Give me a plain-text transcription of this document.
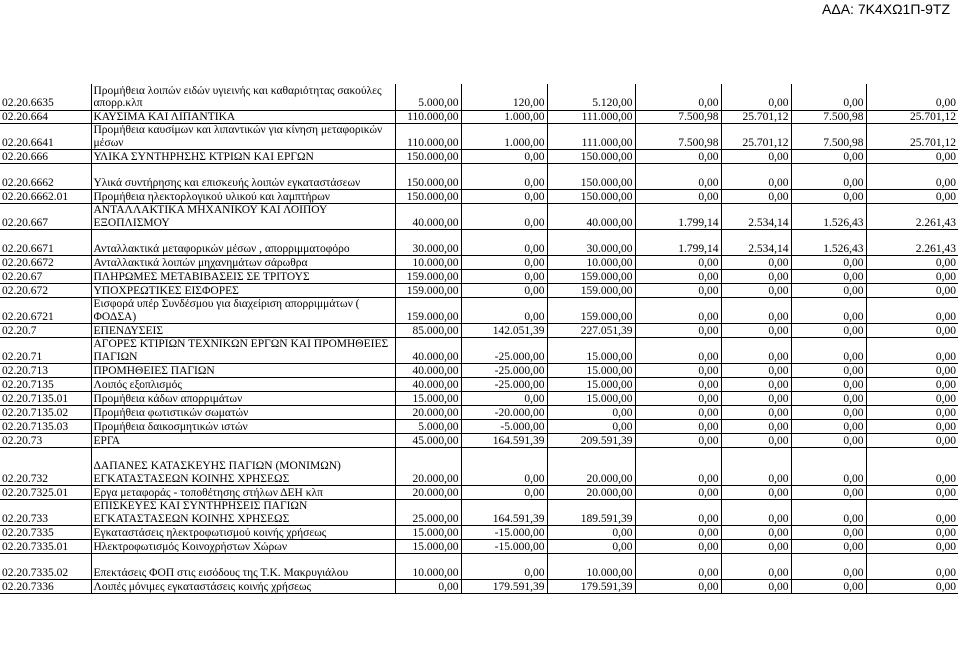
ΑΔΑ: 7Κ4ΧΩ1Π-9ΤΖ
02.20.6635	Προμήθεια λοιπών ειδών υγιεινής και καθαριότητας σακούλες απορρ.κλπ	5.000,00	120,00	5.120,00	0,00	0,00	0,00	0,00
02.20.664	ΚΑΥΣΙΜΑ ΚΑΙ ΛΙΠΑΝΤΙΚΑ	110.000,00	1.000,00	111.000,00	7.500,98	25.701,12	7.500,98	25.701,12
02.20.6641	Προμήθεια καυσίμων και λιπαντικών για κίνηση μεταφορικών μέσων	110.000,00	1.000,00	111.000,00	7.500,98	25.701,12	7.500,98	25.701,12
02.20.666	ΥΛΙΚΑ ΣΥΝΤΗΡΗΣΗΣ ΚΤΡΙΩΝ ΚΑΙ ΕΡΓΩΝ	150.000,00	0,00	150.000,00	0,00	0,00	0,00	0,00
02.20.6662	Υλικά συντήρησης και επισκευής λοιπών εγκαταστάσεων	150.000,00	0,00	150.000,00	0,00	0,00	0,00	0,00
02.20.6662.01	Προμήθεια ηλεκτορλογικού υλικού και λαμπτήρων	150.000,00	0,00	150.000,00	0,00	0,00	0,00	0,00
02.20.667	ΑΝΤΑΛΛΑΚΤΙΚΑ ΜΗΧΑΝΙΚΟΥ ΚΑΙ ΛΟΙΠΟΥ ΕΞΟΠΛΙΣΜΟΥ	40.000,00	0,00	40.000,00	1.799,14	2.534,14	1.526,43	2.261,43
02.20.6671	Ανταλλακτικά μεταφορικών μέσων , απορριμματοφόρο	30.000,00	0,00	30.000,00	1.799,14	2.534,14	1.526,43	2.261,43
02.20.6672	Ανταλλακτικά λοιπών μηχανημάτων σάρωθρα	10.000,00	0,00	10.000,00	0,00	0,00	0,00	0,00
02.20.67	ΠΛΗΡΩΜΕΣ ΜΕΤΑΒΙΒΑΣΕΙΣ ΣΕ ΤΡΙΤΟΥΣ	159.000,00	0,00	159.000,00	0,00	0,00	0,00	0,00
02.20.672	ΥΠΟΧΡΕΩΤΙΚΕΣ ΕΙΣΦΟΡΕΣ	159.000,00	0,00	159.000,00	0,00	0,00	0,00	0,00
02.20.6721	Εισφορά υπέρ Συνδέσμου για διαχείριση απορριμμάτων ( ΦΟΔΣΑ)	159.000,00	0,00	159.000,00	0,00	0,00	0,00	0,00
02.20.7	ΕΠΕΝΔΥΣΕΙΣ	85.000,00	142.051,39	227.051,39	0,00	0,00	0,00	0,00
02.20.71	ΑΓΟΡΕΣ ΚΤΙΡΙΩΝ ΤΕΧΝΙΚΩΝ ΕΡΓΩΝ ΚΑΙ ΠΡΟΜΗΘΕΙΕΣ ΠΑΓΙΩΝ	40.000,00	-25.000,00	15.000,00	0,00	0,00	0,00	0,00
02.20.713	ΠΡΟΜΗΘΕΙΕΣ ΠΑΓΙΩΝ	40.000,00	-25.000,00	15.000,00	0,00	0,00	0,00	0,00
02.20.7135	Λοιπός εξοπλισμός	40.000,00	-25.000,00	15.000,00	0,00	0,00	0,00	0,00
02.20.7135.01	Προμήθεια κάδων απορριμάτων	15.000,00	0,00	15.000,00	0,00	0,00	0,00	0,00
02.20.7135.02	Προμήθεια φωτιστικών σωματών	20.000,00	-20.000,00	0,00	0,00	0,00	0,00	0,00
02.20.7135.03	Προμήθεια δαικοσμητικών ιστών	5.000,00	-5.000,00	0,00	0,00	0,00	0,00	0,00
02.20.73	ΕΡΓΑ	45.000,00	164.591,39	209.591,39	0,00	0,00	0,00	0,00
02.20.732	ΔΑΠΑΝΕΣ ΚΑΤΑΣΚΕΥΗΣ ΠΑΓΙΩΝ (ΜΟΝΙΜΩΝ) ΕΓΚΑΤΑΣΤΑΣΕΩΝ ΚΟΙΝΗΣ ΧΡΗΣΕΩΣ	20.000,00	0,00	20.000,00	0,00	0,00	0,00	0,00
02.20.7325.01	Εργα μεταφοράς - τοποθέτησης στήλων ΔΕΗ κλπ	20.000,00	0,00	20.000,00	0,00	0,00	0,00	0,00
02.20.733	ΕΠΙΣΚΕΥΕΣ ΚΑΙ ΣΥΝΤΗΡΗΣΕΙΣ ΠΑΓΙΩΝ ΕΓΚΑΤΑΣΤΑΣΕΩΝ ΚΟΙΝΗΣ ΧΡΗΣΕΩΣ	25.000,00	164.591,39	189.591,39	0,00	0,00	0,00	0,00
02.20.7335	Εγκαταστάσεις ηλεκτροφωτισμού κοινής χρήσεως	15.000,00	-15.000,00	0,00	0,00	0,00	0,00	0,00
02.20.7335.01	Ηλεκτροφωτισμός Κοινοχρήστων Χώρων	15.000,00	-15.000,00	0,00	0,00	0,00	0,00	0,00
02.20.7335.02	Επεκτάσεις ΦΟΠ στις εισόδους της Τ.Κ. Μακρυγιάλου	10.000,00	0,00	10.000,00	0,00	0,00	0,00	0,00
02.20.7336	Λοιπές μόνιμες εγκαταστάσεις κοινής χρήσεως	0,00	179.591,39	179.591,39	0,00	0,00	0,00	0,00
